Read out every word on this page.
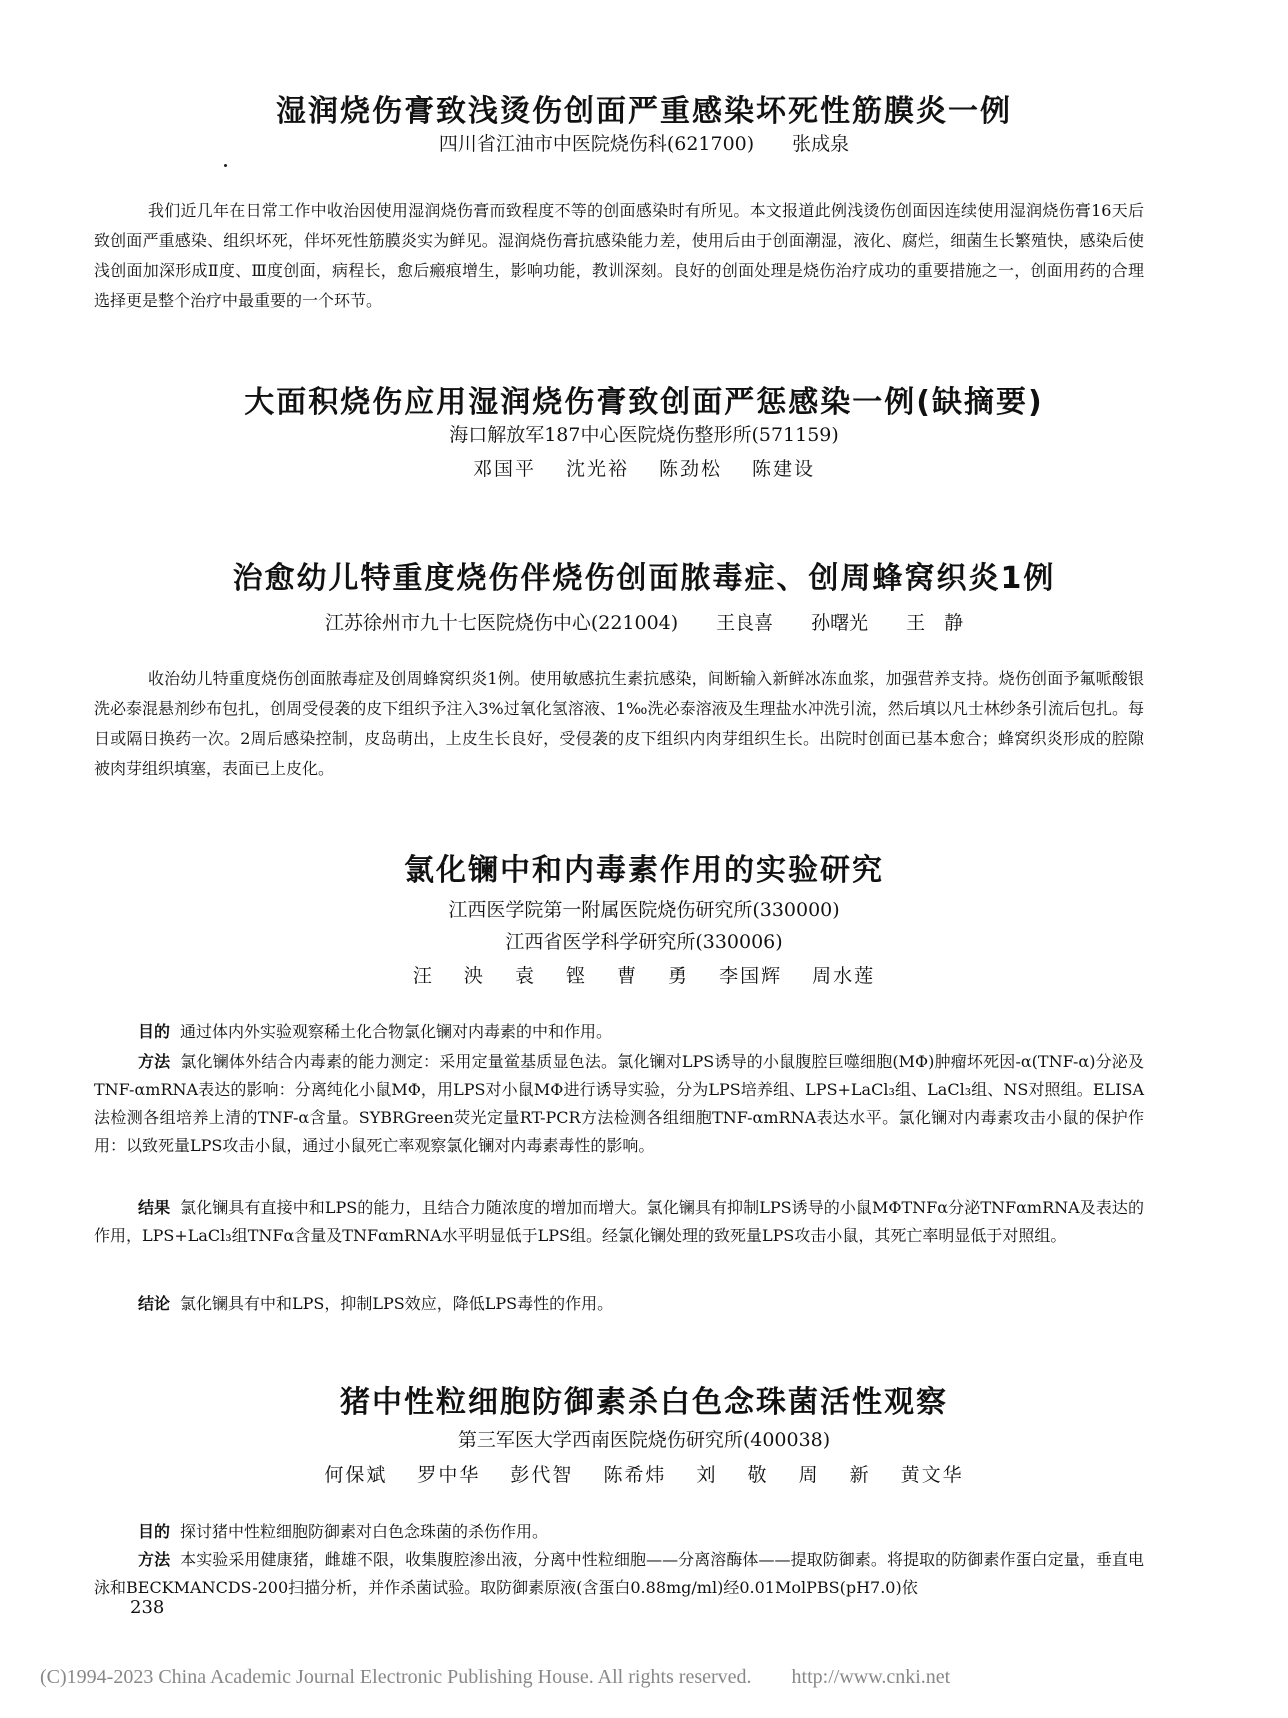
湿润烧伤膏致浅烫伤创面严重感染坏死性筋膜炎一例
四川省江油市中医院烧伤科(621700)　　张成泉

我们近几年在日常工作中收治因使用湿润烧伤膏而致程度不等的创面感染时有所见。本文报道此例浅烫伤创面因连续使用湿润烧伤膏16天后致创面严重感染、组织坏死，伴坏死性筋膜炎实为鲜见。湿润烧伤膏抗感染能力差，使用后由于创面潮湿，液化、腐烂，细菌生长繁殖快，感染后使浅创面加深形成Ⅱ度、Ⅲ度创面，病程长，愈后瘢痕增生，影响功能，教训深刻。良好的创面处理是烧伤治疗成功的重要措施之一，创面用药的合理选择更是整个治疗中最重要的一个环节。

大面积烧伤应用湿润烧伤膏致创面严惩感染一例(缺摘要)
海口解放军187中心医院烧伤整形所(571159)
邓国平 沈光裕 陈劲松 陈建设
治愈幼儿特重度烧伤伴烧伤创面脓毒症、创周蜂窝织炎1例
江苏徐州市九十七医院烧伤中心(221004)　　王良喜　　孙曙光　　王　静

收治幼儿特重度烧伤创面脓毒症及创周蜂窝织炎1例。使用敏感抗生素抗感染，间断输入新鲜冰冻血浆，加强营养支持。烧伤创面予氟哌酸银洗必泰混悬剂纱布包扎，创周受侵袭的皮下组织予注入3%过氧化氢溶液、1‰洗必泰溶液及生理盐水冲洗引流，然后填以凡士林纱条引流后包扎。每日或隔日换药一次。2周后感染控制，皮岛萌出，上皮生长良好，受侵袭的皮下组织内肉芽组织生长。出院时创面已基本愈合；蜂窝织炎形成的腔隙被肉芽组织填塞，表面已上皮化。

氯化镧中和内毒素作用的实验研究
江西医学院第一附属医院烧伤研究所(330000)
江西省医学科学研究所(330006)
汪 泱 袁 铿 曹 勇 李国辉 周水莲

目的 通过体内外实验观察稀土化合物氯化镧对内毒素的中和作用。

方法 氯化镧体外结合内毒素的能力测定：采用定量鲎基质显色法。氯化镧对LPS诱导的小鼠腹腔巨噬细胞(MΦ)肿瘤坏死因-α(TNF-α)分泌及TNF-αmRNA表达的影响：分离纯化小鼠MΦ，用LPS对小鼠MΦ进行诱导实验，分为LPS培养组、LPS+LaCl₃组、LaCl₃组、NS对照组。ELISA法检测各组培养上清的TNF-α含量。SYBRGreen荧光定量RT-PCR方法检测各组细胞TNF-αmRNA表达水平。氯化镧对内毒素攻击小鼠的保护作用：以致死量LPS攻击小鼠，通过小鼠死亡率观察氯化镧对内毒素毒性的影响。

结果 氯化镧具有直接中和LPS的能力，且结合力随浓度的增加而增大。氯化镧具有抑制LPS诱导的小鼠MΦTNFα分泌TNFαmRNA及表达的作用，LPS+LaCl₃组TNFα含量及TNFαmRNA水平明显低于LPS组。经氯化镧处理的致死量LPS攻击小鼠，其死亡率明显低于对照组。

结论 氯化镧具有中和LPS，抑制LPS效应，降低LPS毒性的作用。

猪中性粒细胞防御素杀白色念珠菌活性观察
第三军医大学西南医院烧伤研究所(400038)
何保斌 罗中华 彭代智 陈希炜 刘 敬 周 新 黄文华

目的 探讨猪中性粒细胞防御素对白色念珠菌的杀伤作用。

方法 本实验采用健康猪，雌雄不限，收集腹腔渗出液，分离中性粒细胞——分离溶酶体——提取防御素。将提取的防御素作蛋白定量，垂直电泳和BECKMANCDS-200扫描分析，并作杀菌试验。取防御素原液(含蛋白0.88mg/ml)经0.01MolPBS(pH7.0)依

238
(C)1994-2023 China Academic Journal Electronic Publishing House. All rights reserved.　　http://www.cnki.net
